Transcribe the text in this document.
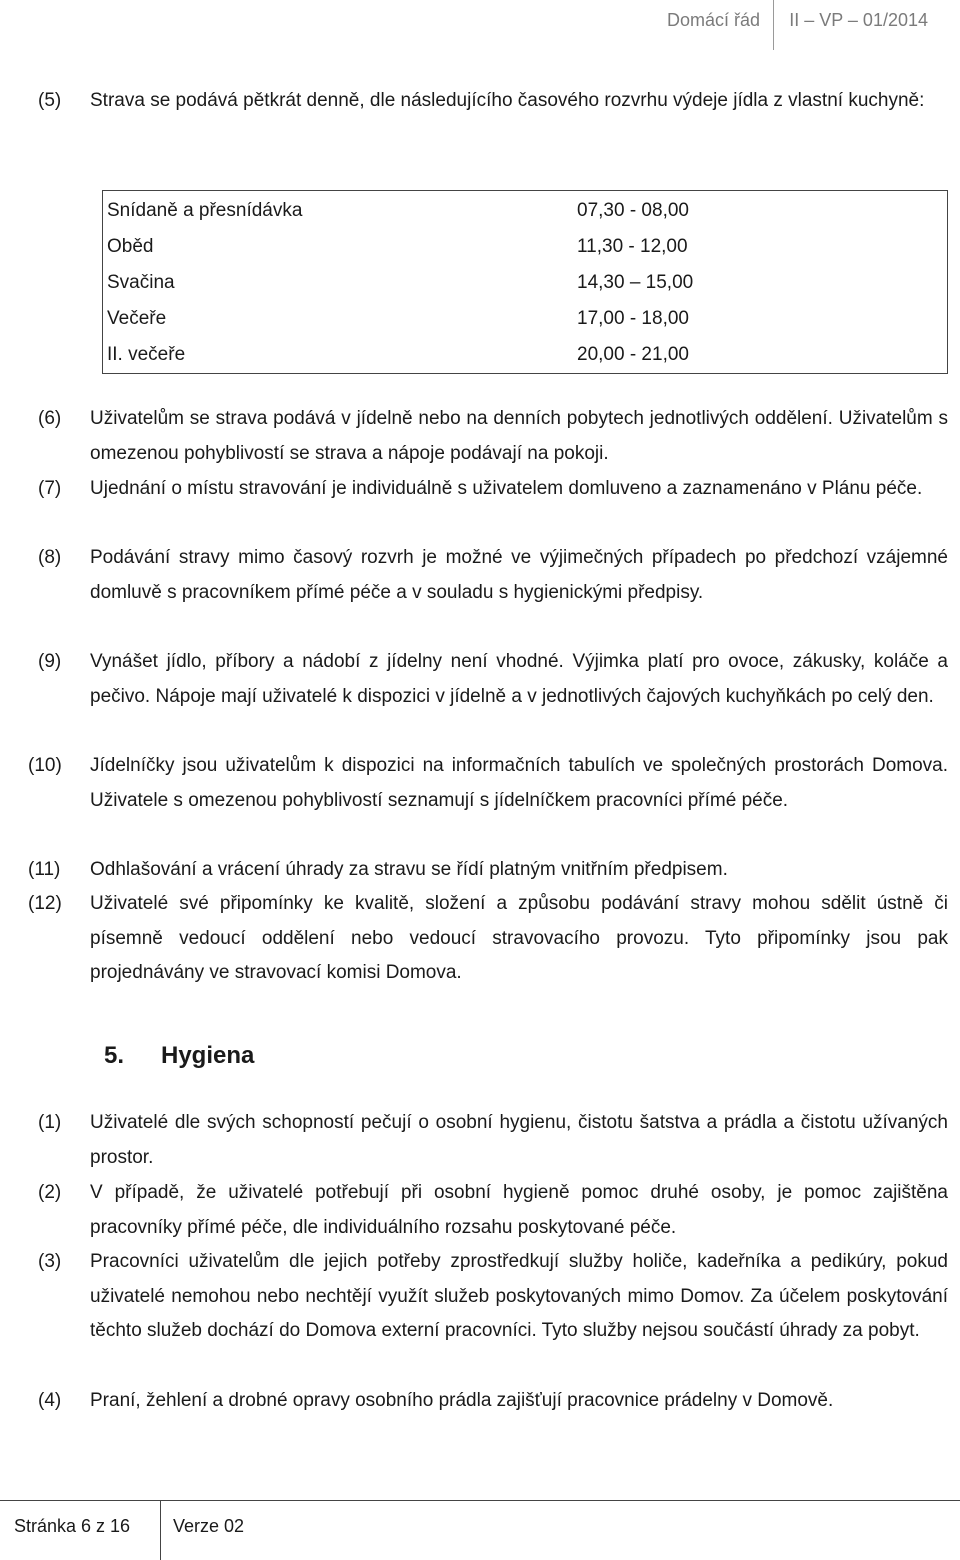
Domácí řád II – VP – 01/2014
(5) Strava se podává pětkrát denně, dle následujícího časového rozvrhu výdeje jídla z vlastní kuchyně:
Snídaně a přesnídávka	07,30 - 08,00
Oběd	11,30 - 12,00
Svačina	14,30 – 15,00
Večeře	17,00 - 18,00
II. večeře	20,00 - 21,00
(6) Uživatelům se strava podává v jídelně nebo na denních pobytech jednotlivých oddělení. Uživatelům s omezenou pohyblivostí se strava a nápoje podávají na pokoji.
(7) Ujednání o místu stravování je individuálně s uživatelem domluveno a zaznamenáno v Plánu péče.
(8) Podávání stravy mimo časový rozvrh je možné ve výjimečných případech po předchozí vzájemné domluvě s pracovníkem přímé péče a v souladu s hygienickými předpisy.
(9) Vynášet jídlo, příbory a nádobí z jídelny není vhodné. Výjimka platí pro ovoce, zákusky, koláče a pečivo. Nápoje mají uživatelé k dispozici v jídelně a v jednotlivých čajových kuchyňkách po celý den.
(10) Jídelníčky jsou uživatelům k dispozici na informačních tabulích ve společných prostorách Domova. Uživatele s omezenou pohyblivostí seznamují s jídelníčkem pracovníci přímé péče.
(11) Odhlašování a vrácení úhrady za stravu se řídí platným vnitřním předpisem.
(12) Uživatelé své připomínky ke kvalitě, složení a způsobu podávání stravy mohou sdělit ústně či písemně vedoucí oddělení nebo vedoucí stravovacího provozu. Tyto připomínky jsou pak projednávány ve stravovací komisi Domova.
5. Hygiena
(1) Uživatelé dle svých schopností pečují o osobní hygienu, čistotu šatstva a prádla a čistotu užívaných prostor.
(2) V případě, že uživatelé potřebují při osobní hygieně pomoc druhé osoby, je pomoc zajištěna pracovníky přímé péče, dle individuálního rozsahu poskytované péče.
(3) Pracovníci uživatelům dle jejich potřeby zprostředkují služby holiče, kadeřníka a pedikúry, pokud uživatelé nemohou nebo nechtějí využít služeb poskytovaných mimo Domov. Za účelem poskytování těchto služeb dochází do Domova externí pracovníci. Tyto služby nejsou součástí úhrady za pobyt.
(4) Praní, žehlení a drobné opravy osobního prádla zajišťují pracovnice prádelny v Domově.
Stránka 6 z 16 Verze 02
